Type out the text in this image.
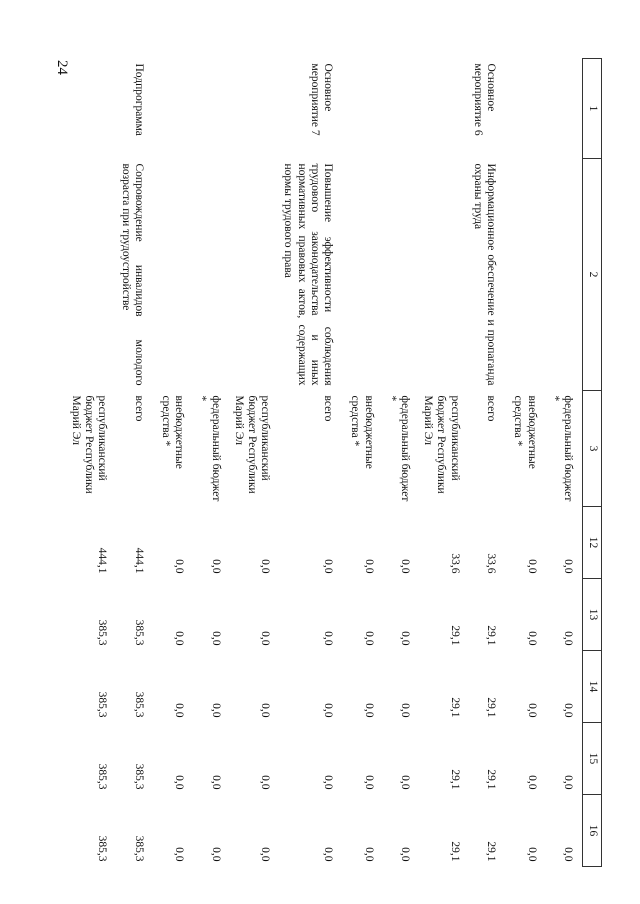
24
1	2	3	12	13	14	15	16
		федеральный бюджет *	0,0	0,0	0,0	0,0	0,0
		внебюджетные средства *	0,0	0,0	0,0	0,0	0,0
Основное мероприятие 6	Информационное обеспечение и пропаганда охраны труда	всего	33,6	29,1	29,1	29,1	29,1
		республиканский бюджет Республики Марий Эл	33,6	29,1	29,1	29,1	29,1
		федеральный бюджет *	0,0	0,0	0,0	0,0	0,0
		внебюджетные средства *	0,0	0,0	0,0	0,0	0,0
Основное мероприятие 7	Повышение эффективности соблюдения трудового законодательства и иных нормативных правовых актов, содержащих нормы трудового права	всего	0,0	0,0	0,0	0,0	0,0
		республиканский бюджет Республики Марий Эл	0,0	0,0	0,0	0,0	0,0
		федеральный бюджет *	0,0	0,0	0,0	0,0	0,0
		внебюджетные средства *	0,0	0,0	0,0	0,0	0,0
Подпрограмма	Сопровождение инвалидов молодого возраста при трудоустройстве	всего	444,1	385,3	385,3	385,3	385,3
		республиканский бюджет Республики Марий Эл	444,1	385,3	385,3	385,3	385,3
